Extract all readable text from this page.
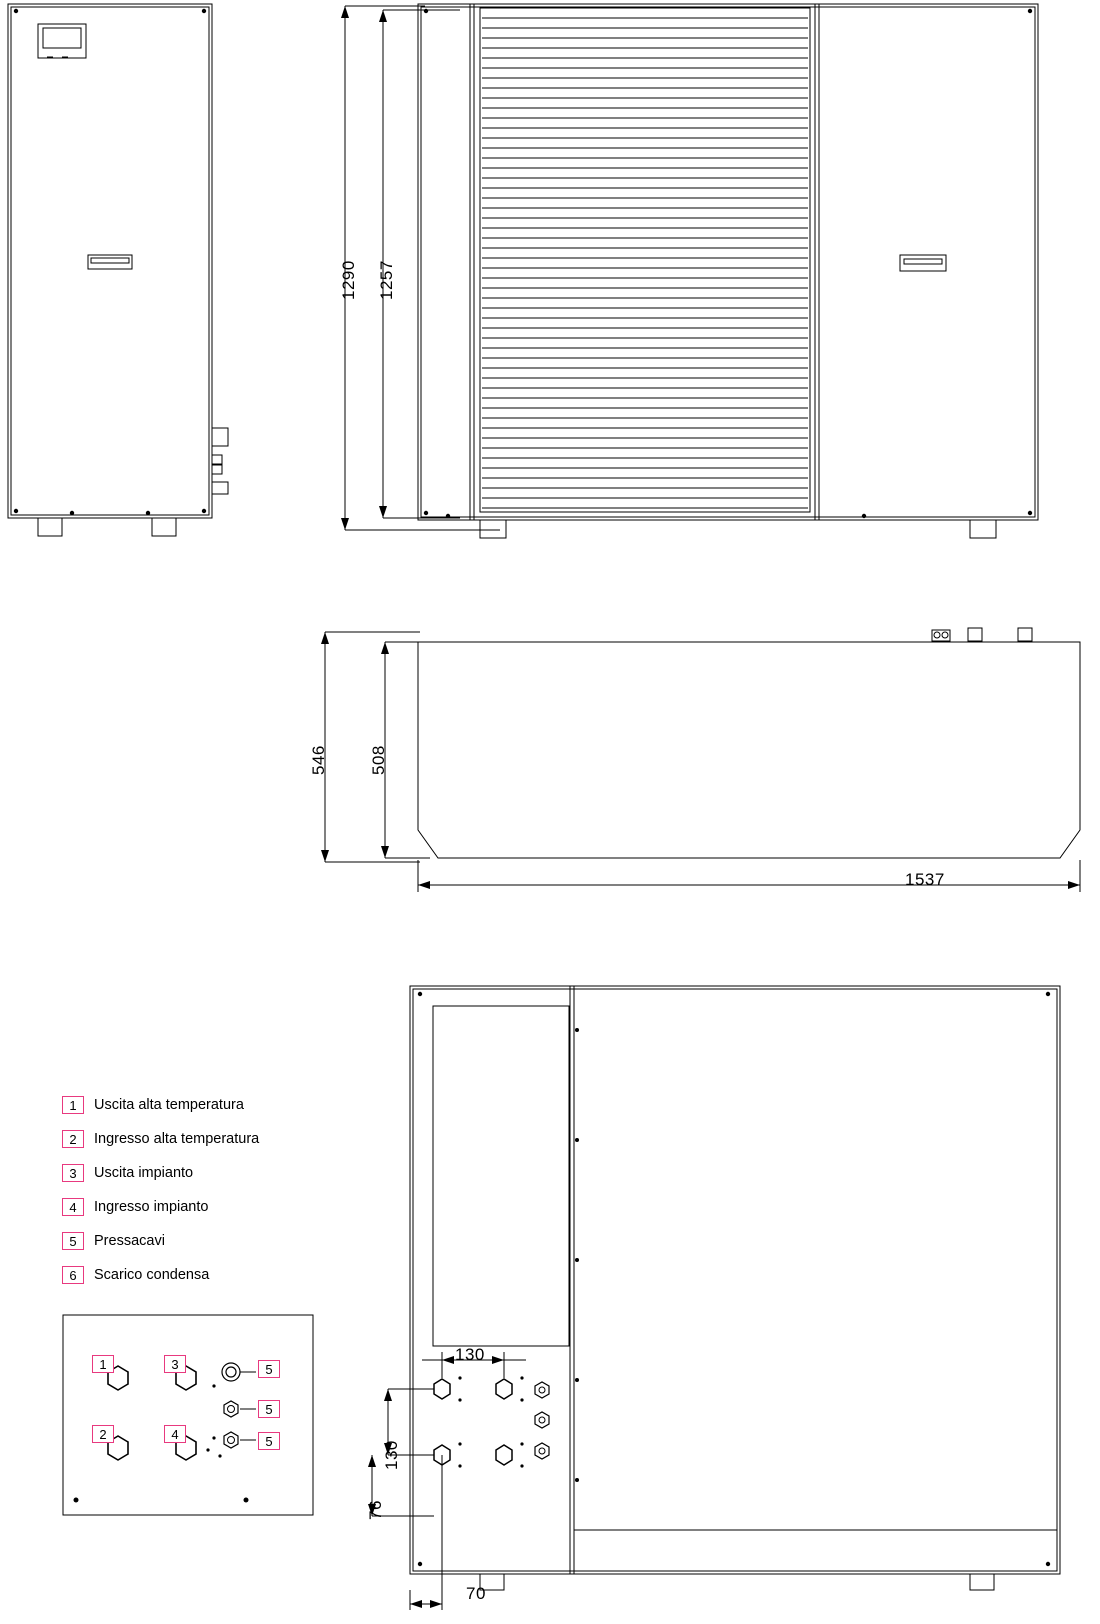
1290 1257
546 508
1537
1	Uscita alta temperatura
2	Ingresso alta temperatura
3	Uscita impianto
4	Ingresso impianto
5	Pressacavi
6	Scarico condensa
1	3	5
5
2	4	5
130
130
76
70
